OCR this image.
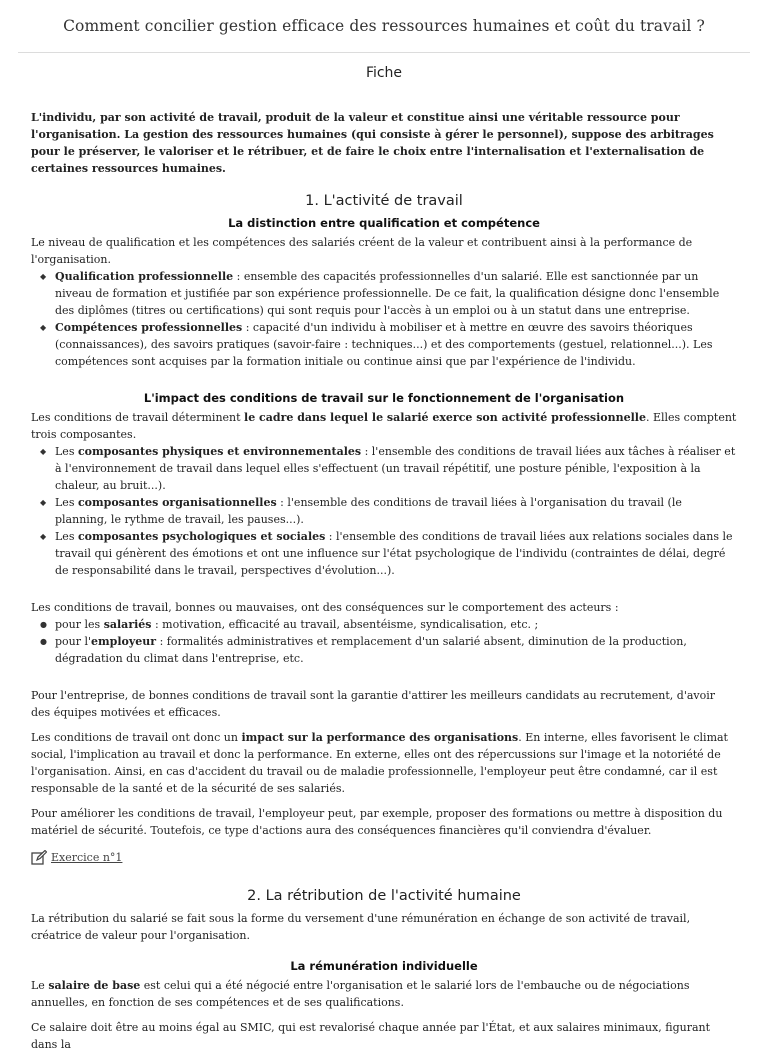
Comment concilier gestion efficace des ressources humaines et coût du travail ?
Fiche

L'individu, par son activité de travail, produit de la valeur et constitue ainsi une véritable ressource pour l'organisation. La gestion des ressources humaines (qui consiste à gérer le personnel), suppose des arbitrages pour le préserver, le valoriser et le rétribuer, et de faire le choix entre l'internalisation et l'externalisation de certaines ressources humaines.

1. L'activité de travail
La distinction entre qualification et compétence

Le niveau de qualification et les compétences des salariés créent de la valeur et contribuent ainsi à la performance de l'organisation.

◆ Qualification professionnelle : ensemble des capacités professionnelles d'un salarié. Elle est sanctionnée par un niveau de formation et justifiée par son expérience professionnelle. De ce fait, la qualification désigne donc l'ensemble des diplômes (titres ou certifications) qui sont requis pour l'accès à un emploi ou à un statut dans une entreprise.
◆ Compétences professionnelles : capacité d'un individu à mobiliser et à mettre en œuvre des savoirs théoriques (connaissances), des savoirs pratiques (savoir-faire : techniques...) et des comportements (gestuel, relationnel...). Les compétences sont acquises par la formation initiale ou continue ainsi que par l'expérience de l'individu.
L'impact des conditions de travail sur le fonctionnement de l'organisation

Les conditions de travail déterminent le cadre dans lequel le salarié exerce son activité professionnelle. Elles comptent trois composantes.

◆ Les composantes physiques et environnementales : l'ensemble des conditions de travail liées aux tâches à réaliser et à l'environnement de travail dans lequel elles s'effectuent (un travail répétitif, une posture pénible, l'exposition à la chaleur, au bruit...).
◆ Les composantes organisationnelles : l'ensemble des conditions de travail liées à l'organisation du travail (le planning, le rythme de travail, les pauses...).
◆ Les composantes psychologiques et sociales : l'ensemble des conditions de travail liées aux relations sociales dans le travail qui génèrent des émotions et ont une influence sur l'état psychologique de l'individu (contraintes de délai, degré de responsabilité dans le travail, perspectives d'évolution...).

Les conditions de travail, bonnes ou mauvaises, ont des conséquences sur le comportement des acteurs :

● pour les salariés : motivation, efficacité au travail, absentéisme, syndicalisation, etc. ;
● pour l'employeur : formalités administratives et remplacement d'un salarié absent, diminution de la production, dégradation du climat dans l'entreprise, etc.

Pour l'entreprise, de bonnes conditions de travail sont la garantie d'attirer les meilleurs candidats au recrutement, d'avoir des équipes motivées et efficaces.

Les conditions de travail ont donc un impact sur la performance des organisations. En interne, elles favorisent le climat social, l'implication au travail et donc la performance. En externe, elles ont des répercussions sur l'image et la notoriété de l'organisation. Ainsi, en cas d'accident du travail ou de maladie professionnelle, l'employeur peut être condamné, car il est responsable de la santé et de la sécurité de ses salariés.

Pour améliorer les conditions de travail, l'employeur peut, par exemple, proposer des formations ou mettre à disposition du matériel de sécurité. Toutefois, ce type d'actions aura des conséquences financières qu'il conviendra d'évaluer.

Exercice n°1
2. La rétribution de l'activité humaine

La rétribution du salarié se fait sous la forme du versement d'une rémunération en échange de son activité de travail, créatrice de valeur pour l'organisation.

La rémunération individuelle

Le salaire de base est celui qui a été négocié entre l'organisation et le salarié lors de l'embauche ou de négociations annuelles, en fonction de ses compétences et de ses qualifications.

Ce salaire doit être au moins égal au SMIC, qui est revalorisé chaque année par l'État, et aux salaires minimaux, figurant dans la
